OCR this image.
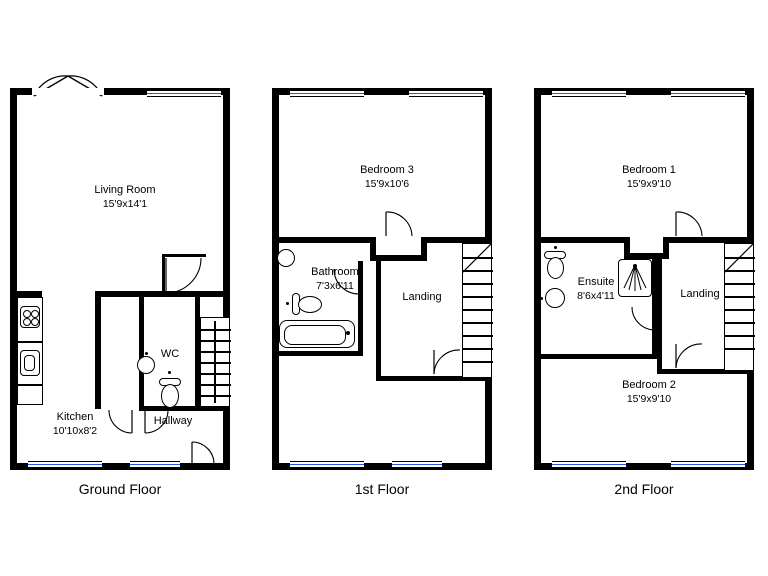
Living Room
15'9x14'1
WC
Kitchen
10'10x8'2
Hallway
Ground Floor
Bedroom 3
15'9x10'6
Bathroom
7'3x6'11
Landing
1st Floor
Bedroom 1
15'9x9'10
Ensuite
8'6x4'11
Bedroom 2
15'9x9'10
Landing
2nd Floor
